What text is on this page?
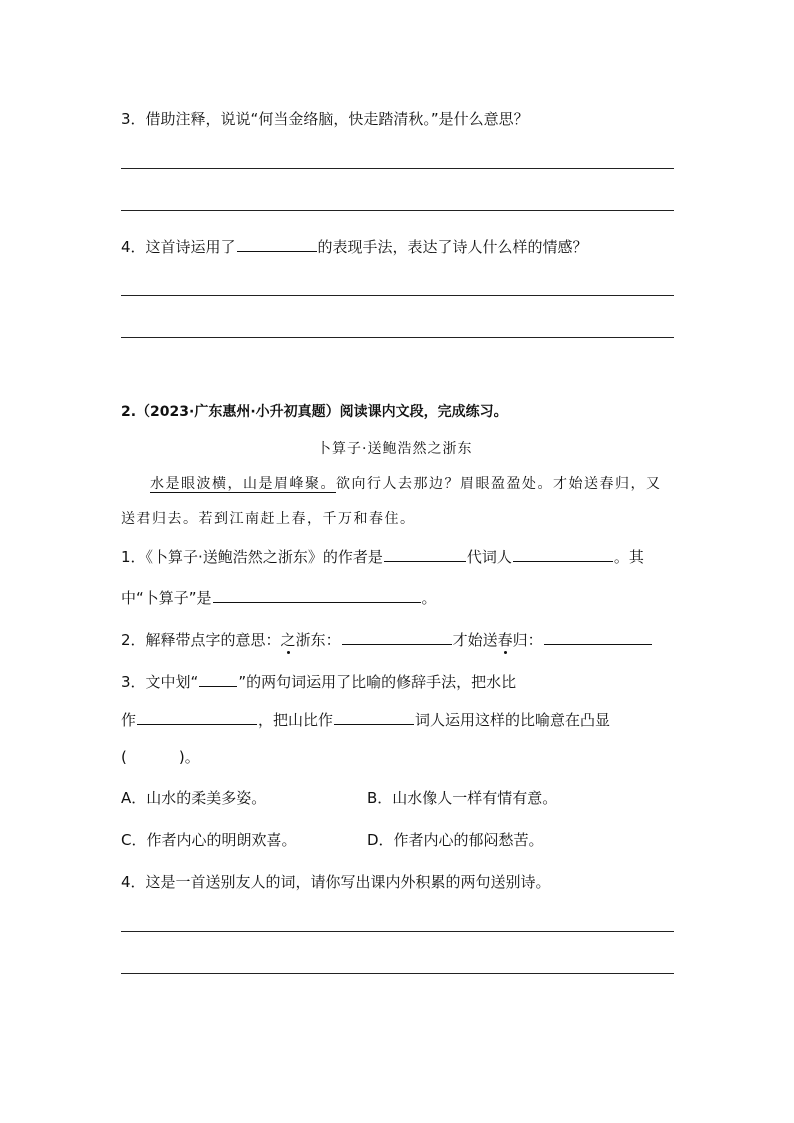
3．借助注释，说说“何当金络脑，快走踏清秋。”是什么意思？
4．这首诗运用了	的表现手法，表达了诗人什么样的情感？
2.（2023·广东惠州·小升初真题）阅读课内文段，完成练习。
卜算子·送鲍浩然之浙东
水是眼波横，山是眉峰聚。欲向行人去那边？眉眼盈盈处。才始送春归，又
送君归去。若到江南赶上春，千万和春住。
1．《卜算子·送鲍浩然之浙东》的作者是	代词人	。其
中“卜算子”是	。
2．解释带点字的意思：之浙东：	才始送春归：
3．文中划“	”的两句词运用了比喻的修辞手法，把水比
作	，把山比作	词人运用这样的比喻意在凸显
(	)。
A．山水的柔美多姿。	B．山水像人一样有情有意。
C．作者内心的明朗欢喜。	D．作者内心的郁闷愁苦。
4．这是一首送别友人的词，请你写出课内外积累的两句送别诗。
